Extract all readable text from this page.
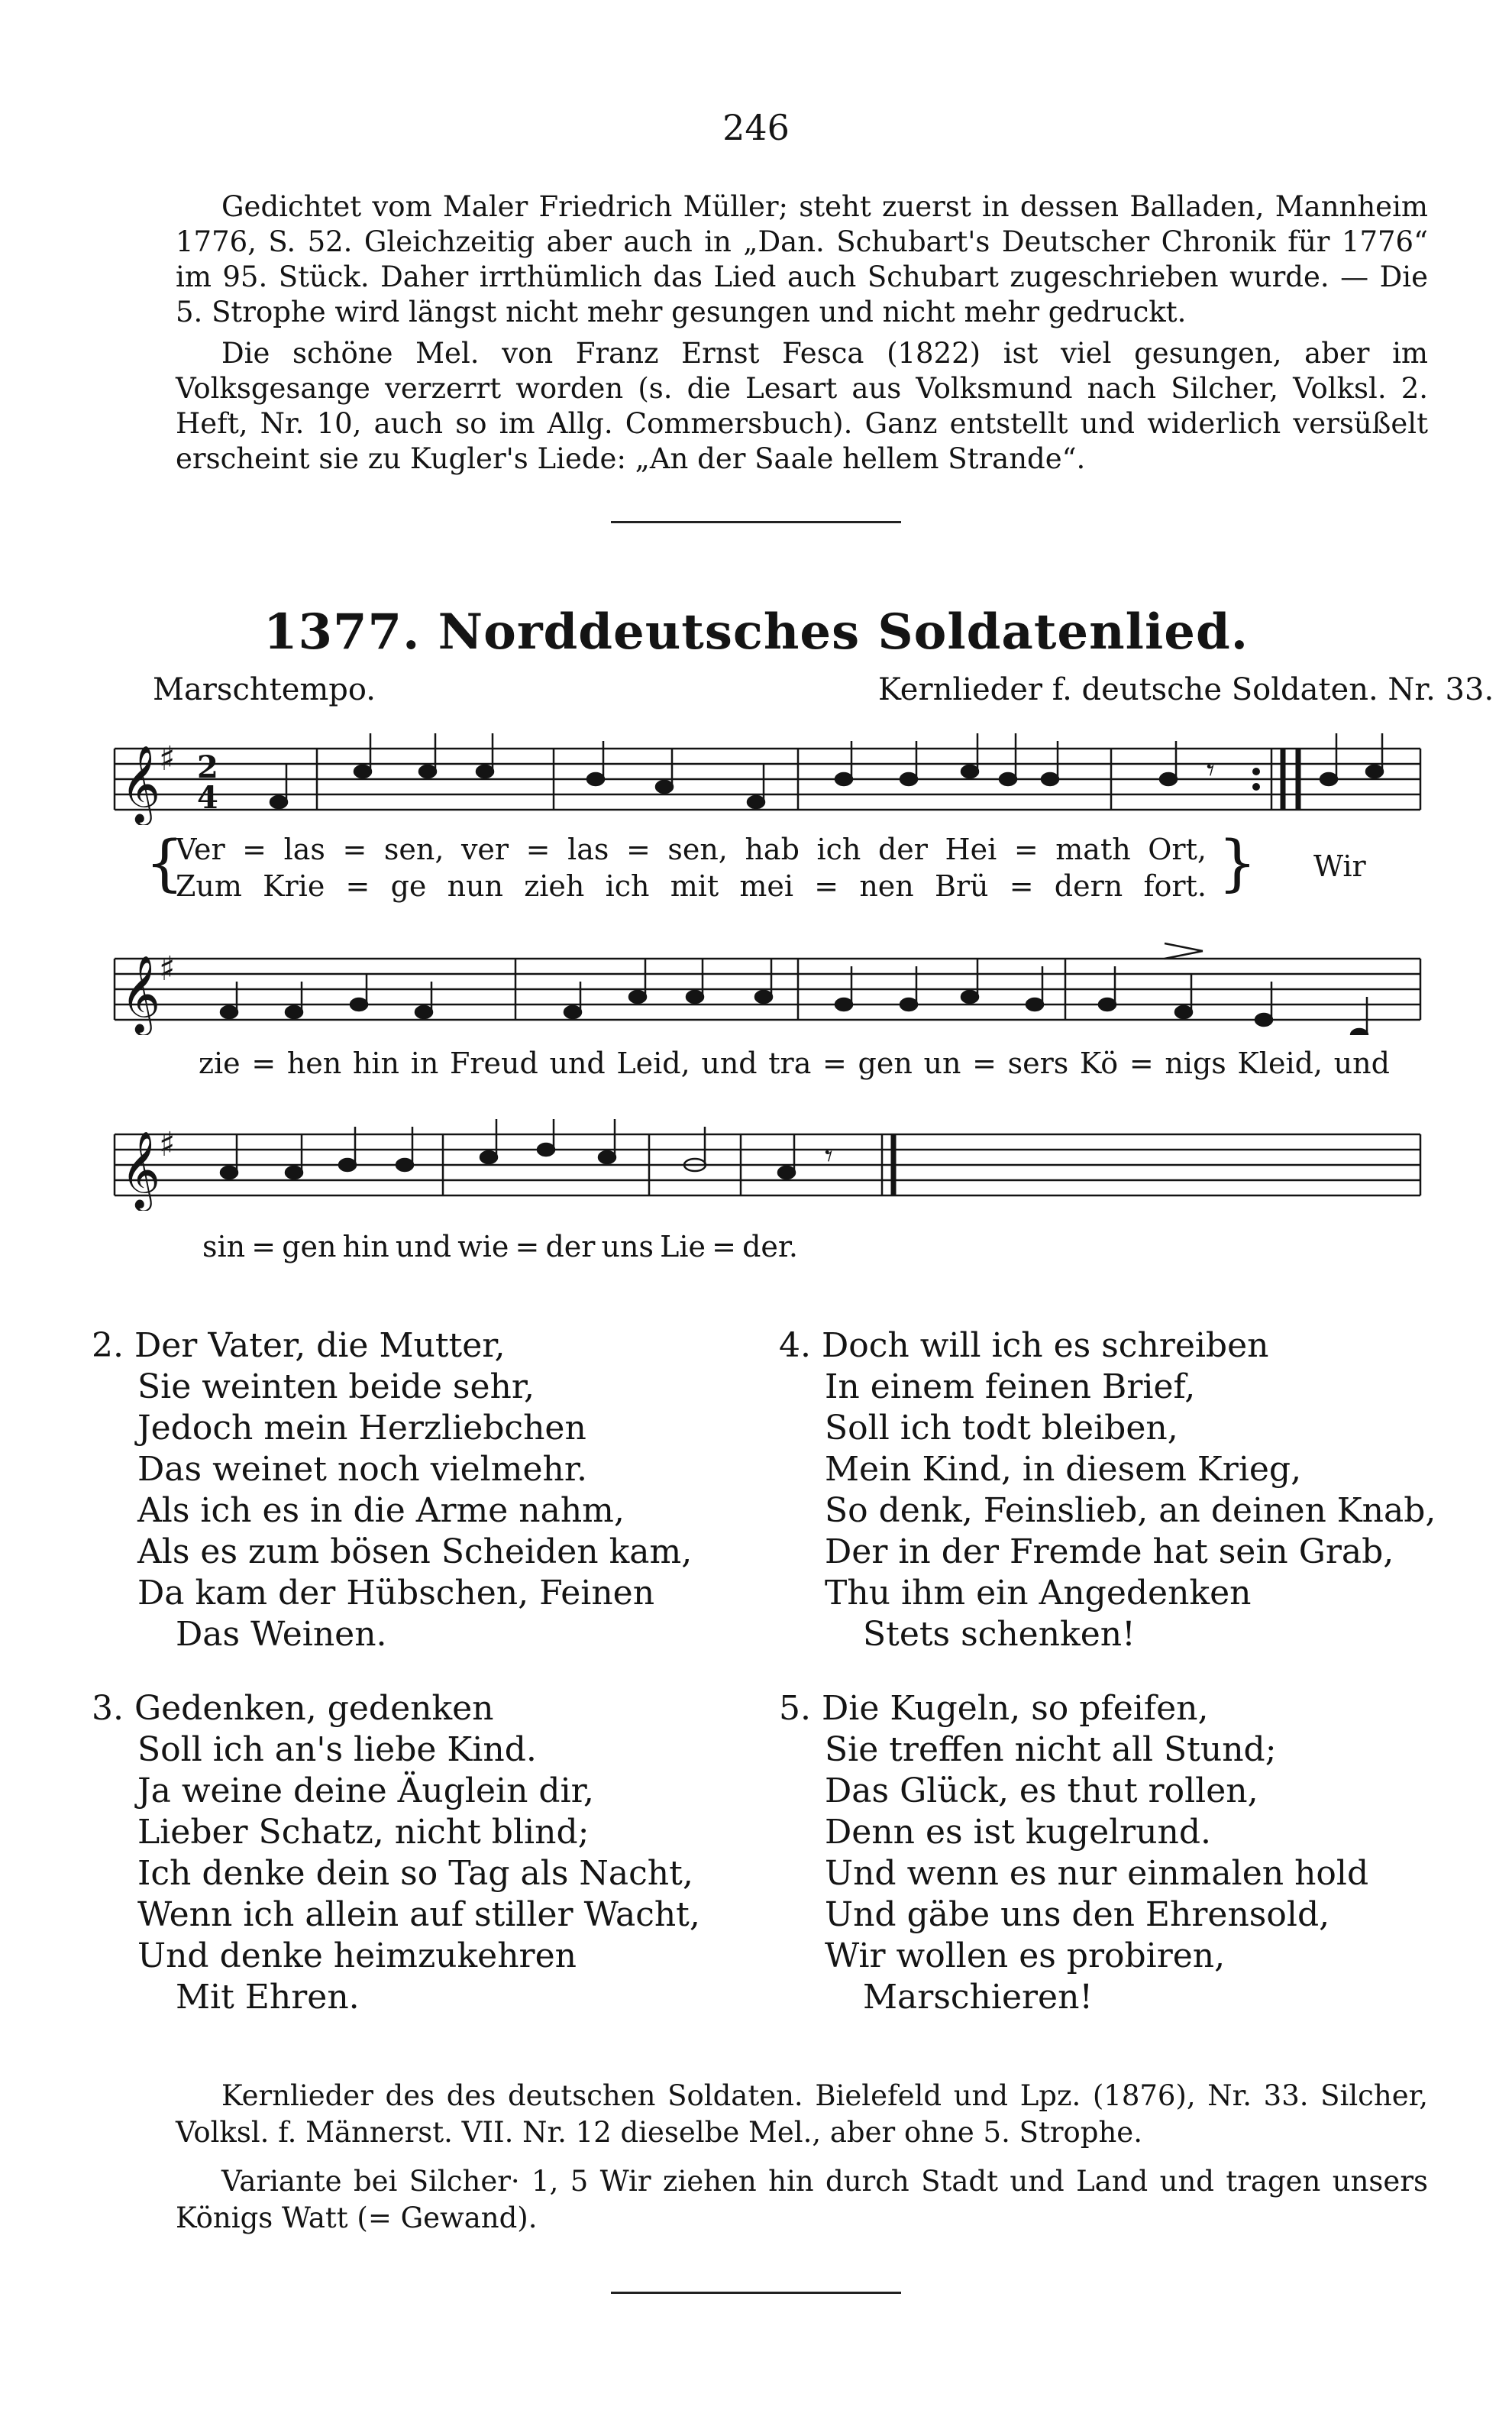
246

Gedichtet vom Maler Friedrich Müller; steht zuerst in dessen Balladen, Mannheim 1776, S. 52. Gleichzeitig aber auch in „Dan. Schubart's Deutscher Chronik für 1776“ im 95. Stück. Daher irrthümlich das Lied auch Schubart zugeschrieben wurde. — Die 5. Strophe wird längst nicht mehr gesungen und nicht mehr gedruckt.

Die schöne Mel. von Franz Ernst Fesca (1822) ist viel gesungen, aber im Volksgesange verzerrt worden (s. die Lesart aus Volksmund nach Silcher, Volksl. 2. Heft, Nr. 10, auch so im Allg. Commersbuch). Ganz entstellt und widerlich versüßelt erscheint sie zu Kugler's Liede: „An der Saale hellem Strande“.

1377. Norddeutsches Soldatenlied.
Marschtempo.	Kernlieder f. deutsche Soldaten. Nr. 33.
𝄞
♯ 2
4
𝄾
{
Ver = las = sen, ver = las = sen, hab ich der Hei = math Ort,
Zum Krie = ge nun zieh ich mit mei = nen Brü = dern fort. } Wir
𝄞
♯
zie = hen hin in Freud und Leid, und tra = gen un = sers Kö = nigs Kleid, und
𝄞
♯	𝄾
sin = gen hin und wie = der uns Lie = der.
2. Der Vater, die Mutter,
Sie weinten beide sehr,
Jedoch mein Herzliebchen
Das weinet noch vielmehr.
Als ich es in die Arme nahm,
Als es zum bösen Scheiden kam,
Da kam der Hübschen, Feinen
Das Weinen.
3. Gedenken, gedenken
Soll ich an's liebe Kind.
Ja weine deine Äuglein dir,
Lieber Schatz, nicht blind;
Ich denke dein so Tag als Nacht,
Wenn ich allein auf stiller Wacht,
Und denke heimzukehren
Mit Ehren.
4. Doch will ich es schreiben
In einem feinen Brief,
Soll ich todt bleiben,
Mein Kind, in diesem Krieg,
So denk, Feinslieb, an deinen Knab,
Der in der Fremde hat sein Grab,
Thu ihm ein Angedenken
Stets schenken!
5. Die Kugeln, so pfeifen,
Sie treffen nicht all Stund;
Das Glück, es thut rollen,
Denn es ist kugelrund.
Und wenn es nur einmalen hold
Und gäbe uns den Ehrensold,
Wir wollen es probiren,
Marschieren!

Kernlieder des des deutschen Soldaten. Bielefeld und Lpz. (1876), Nr. 33. Silcher, Volksl. f. Männerst. VII. Nr. 12 dieselbe Mel., aber ohne 5. Strophe.

Variante bei Silcher· 1, 5 Wir ziehen hin durch Stadt und Land und tragen unsers Königs Watt (= Gewand).
